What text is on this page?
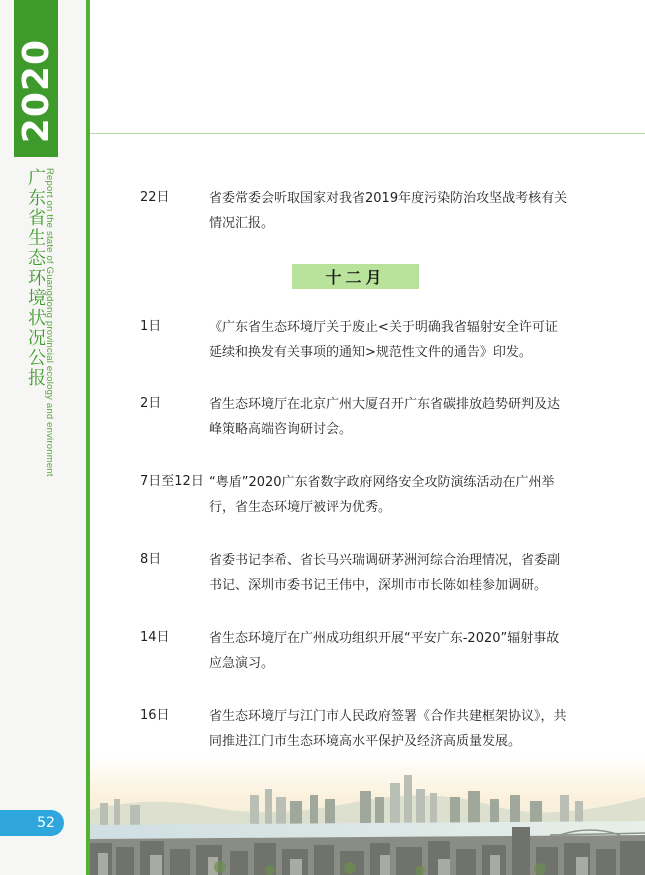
2020
广东省生态环境状况公报
Report on the state of Guangdong provincial ecology and environment	22日	省委常委会听取国家对我省2019年度污染防治攻坚战考核有关情况汇报。
十二月
1日	《广东省生态环境厅关于废止<关于明确我省辐射安全许可证延续和换发有关事项的通知>规范性文件的通告》印发。
2日	省生态环境厅在北京广州大厦召开广东省碳排放趋势研判及达峰策略高端咨询研讨会。
7日至12日 “粤盾”2020广东省数字政府网络安全攻防演练活动在广州举行，省生态环境厅被评为优秀。
8日	省委书记李希、省长马兴瑞调研茅洲河综合治理情况，省委副书记、深圳市委书记王伟中，深圳市市长陈如桂参加调研。
14日	省生态环境厅在广州成功组织开展“平安广东-2020”辐射事故应急演习。
16日	省生态环境厅与江门市人民政府签署《合作共建框架协议》，共同推进江门市生态环境高水平保护及经济高质量发展。
52
